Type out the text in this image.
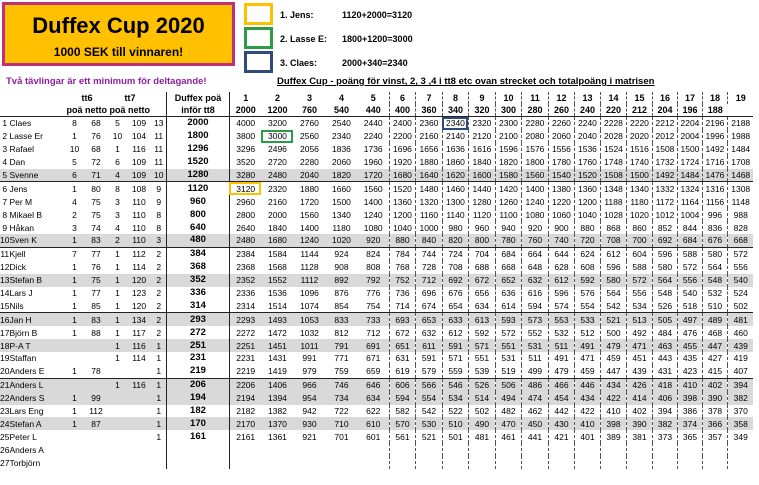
Duffex Cup 2020
1000 SEK till vinnaren!
1. Jens:	1120+2000=3120
2. Lasse E: 1800+1200=3000
3. Claes:	2000+340=2340
Två tävlingar är ett minimum för deltagande!	Duffex Cup - poäng för vinst, 2, 3 ,4 i tt8 etc ovan strecket och totalpoäng i matrisen
		tt6		tt7			Duffex poä	1	2	3	4	5	6	7	8	9	10	11	12	13	14	15	16	17	18	19
		poä	netto	poä	netto		inför tt8	2000	1200	760	540	440	400	360	340	320	300	280	260	240	220	212	204	196	188	
1	Claes	8	68	5	109	13	2000	4000	3200	2760	2540	2440	2400	2360	2340	2320	2300	2280	2260	2240	2228	2220	2212	2204	2196	2188
2	Lasse Er	1	76	10	104	11	1800	3800	3000	2560	2340	2240	2200	2160	2140	2120	2100	2080	2060	2040	2028	2020	2012	2004	1996	1988
3	Rafael	10	68	1	116	11	1296	3296	2496	2056	1836	1736	1696	1656	1636	1616	1596	1576	1556	1536	1524	1516	1508	1500	1492	1484
4	Dan	5	72	6	109	11	1520	3520	2720	2280	2060	1960	1920	1880	1860	1840	1820	1800	1780	1760	1748	1740	1732	1724	1716	1708
5	Svenne	6	71	4	109	10	1280	3280	2480	2040	1820	1720	1680	1640	1620	1600	1580	1560	1540	1520	1508	1500	1492	1484	1476	1468
6	Jens	1	80	8	108	9	1120	3120	2320	1880	1660	1560	1520	1480	1460	1440	1420	1400	1380	1360	1348	1340	1332	1324	1316	1308
7	Per M	4	75	3	110	9	960	2960	2160	1720	1500	1400	1360	1320	1300	1280	1260	1240	1220	1200	1188	1180	1172	1164	1156	1148
8	Mikael B	2	75	3	110	8	800	2800	2000	1560	1340	1240	1200	1160	1140	1120	1100	1080	1060	1040	1028	1020	1012	1004	996	988
9	Håkan	3	74	4	110	8	640	2640	1840	1400	1180	1080	1040	1000	980	960	940	920	900	880	868	860	852	844	836	828
10	Sven K	1	83	2	110	3	480	2480	1680	1240	1020	920	880	840	820	800	780	760	740	720	708	700	692	684	676	668
11	Kjell	7	77	1	112	2	384	2384	1584	1144	924	824	784	744	724	704	684	664	644	624	612	604	596	588	580	572
12	Dick	1	76	1	114	2	368	2368	1568	1128	908	808	768	728	708	688	668	648	628	608	596	588	580	572	564	556
13	Stefan B	1	75	1	120	2	352	2352	1552	1112	892	792	752	712	692	672	652	632	612	592	580	572	564	556	548	540
14	Lars J	1	77	1	123	2	336	2336	1536	1096	876	776	736	696	676	656	636	616	596	576	564	556	548	540	532	524
15	Nils	1	85	1	120	2	314	2314	1514	1074	854	754	714	674	654	634	614	594	574	554	542	534	526	518	510	502
16	Jan H	1	83	1	134	2	293	2293	1493	1053	833	733	693	653	633	613	593	573	553	533	521	513	505	497	489	481
17	Björn B	1	88	1	117	2	272	2272	1472	1032	812	712	672	632	612	592	572	552	532	512	500	492	484	476	468	460
18	P-A T			1	116	1	251	2251	1451	1011	791	691	651	611	591	571	551	531	511	491	479	471	463	455	447	439
19	Staffan			1	114	1	231	2231	1431	991	771	671	631	591	571	551	531	511	491	471	459	451	443	435	427	419
20	Anders E	1	78			1	219	2219	1419	979	759	659	619	579	559	539	519	499	479	459	447	439	431	423	415	407
21	Anders L			1	116	1	206	2206	1406	966	746	646	606	566	546	526	506	486	466	446	434	426	418	410	402	394
22	Anders S	1	99			1	194	2194	1394	954	734	634	594	554	534	514	494	474	454	434	422	414	406	398	390	382
23	Lars Eng	1	112			1	182	2182	1382	942	722	622	582	542	522	502	482	462	442	422	410	402	394	386	378	370
24	Stefan A	1	87			1	170	2170	1370	930	710	610	570	530	510	490	470	450	430	410	398	390	382	374	366	358
25	Peter L					1	161	2161	1361	921	701	601	561	521	501	481	461	441	421	401	389	381	373	365	357	349
26	Anders A																									
27	Torbjörn																									
